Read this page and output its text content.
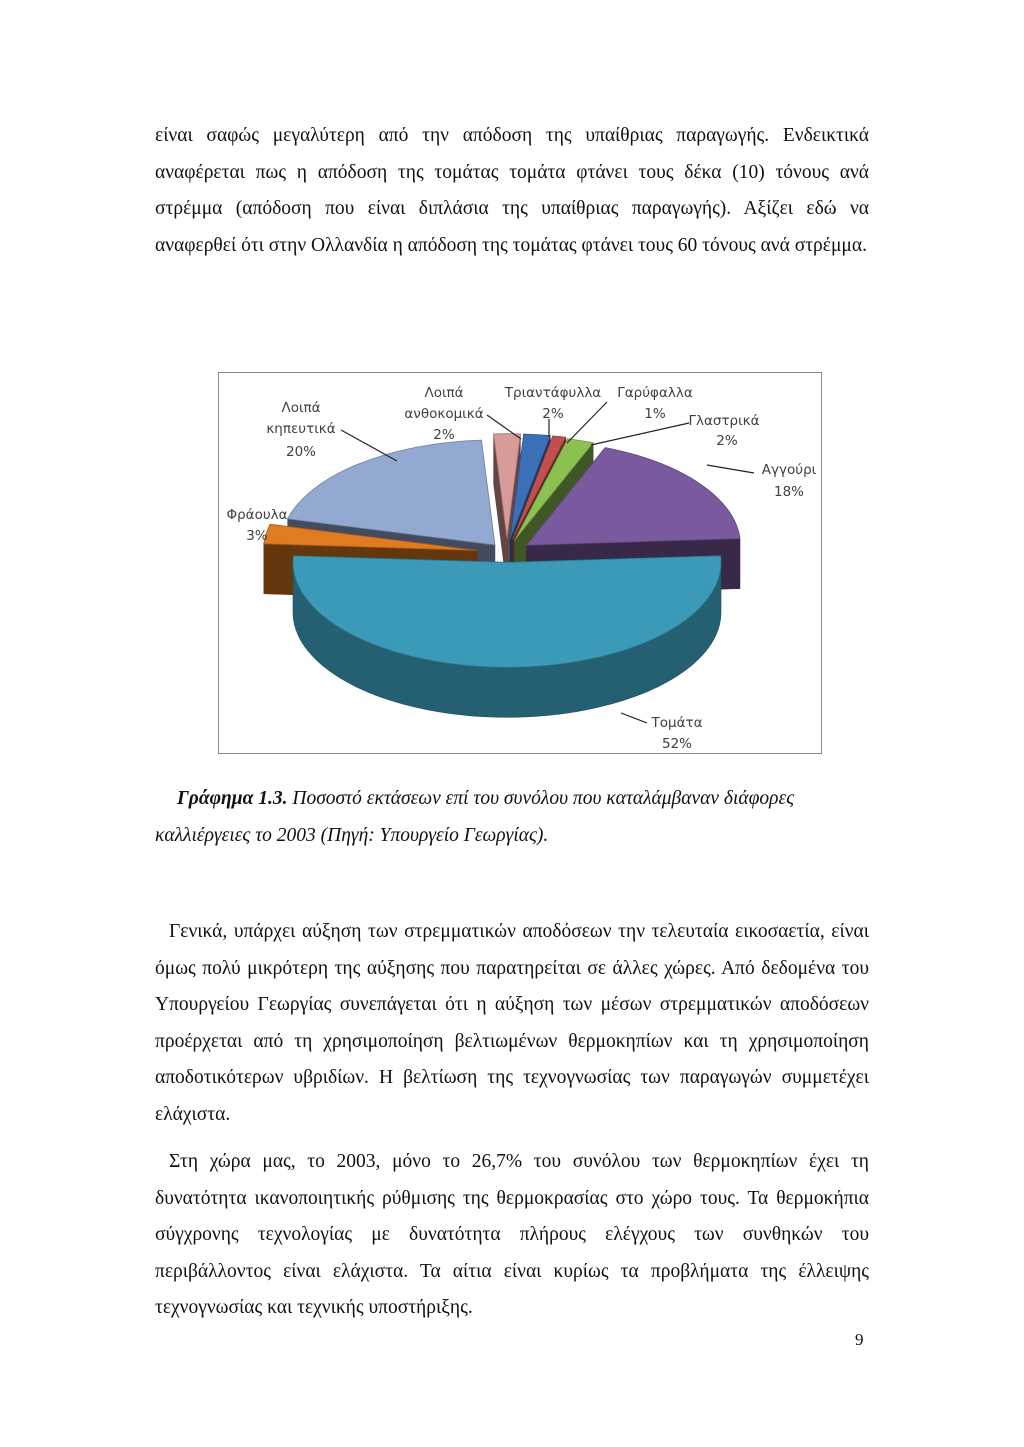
είναι σαφώς μεγαλύτερη από την απόδοση της υπαίθριας παραγωγής. Ενδεικτικά αναφέρεται πως η απόδοση της τομάτας τομάτα φτάνει τους δέκα (10) τόνους ανά στρέμμα (απόδοση που είναι διπλάσια της υπαίθριας παραγωγής). Αξίζει εδώ να αναφερθεί ότι στην Ολλανδία η απόδοση της τομάτας φτάνει τους 60 τόνους ανά στρέμμα.

Τομάτα
52%
Φράουλα
3%
Λοιπά κηπευτικά
20%
Λοιπά ανθοκομικά
2%
Τριαντάφυλλα
2%
Γαρύφαλλα
1% Γλαστρικά
2%
Αγγούρι
18%

Γράφημα 1.3. Ποσοστό εκτάσεων επί του συνόλου που καταλάμβαναν διάφορες καλλιέργειες το 2003 (Πηγή: Υπουργείο Γεωργίας).

Γενικά, υπάρχει αύξηση των στρεμματικών αποδόσεων την τελευταία εικοσαετία, είναι όμως πολύ μικρότερη της αύξησης που παρατηρείται σε άλλες χώρες. Από δεδομένα του Υπουργείου Γεωργίας συνεπάγεται ότι η αύξηση των μέσων στρεμματικών αποδόσεων προέρχεται από τη χρησιμοποίηση βελτιωμένων θερμοκηπίων και τη χρησιμοποίηση αποδοτικότερων υβριδίων. Η βελτίωση της τεχνογνωσίας των παραγωγών συμμετέχει ελάχιστα.

Στη χώρα μας, το 2003, μόνο το 26,7% του συνόλου των θερμοκηπίων έχει τη δυνατότητα ικανοποιητικής ρύθμισης της θερμοκρασίας στο χώρο τους. Τα θερμοκήπια σύγχρονης τεχνολογίας με δυνατότητα πλήρους ελέγχους των συνθηκών του περιβάλλοντος είναι ελάχιστα. Τα αίτια είναι κυρίως τα προβλήματα της έλλειψης τεχνογνωσίας και τεχνικής υποστήριξης.

9
